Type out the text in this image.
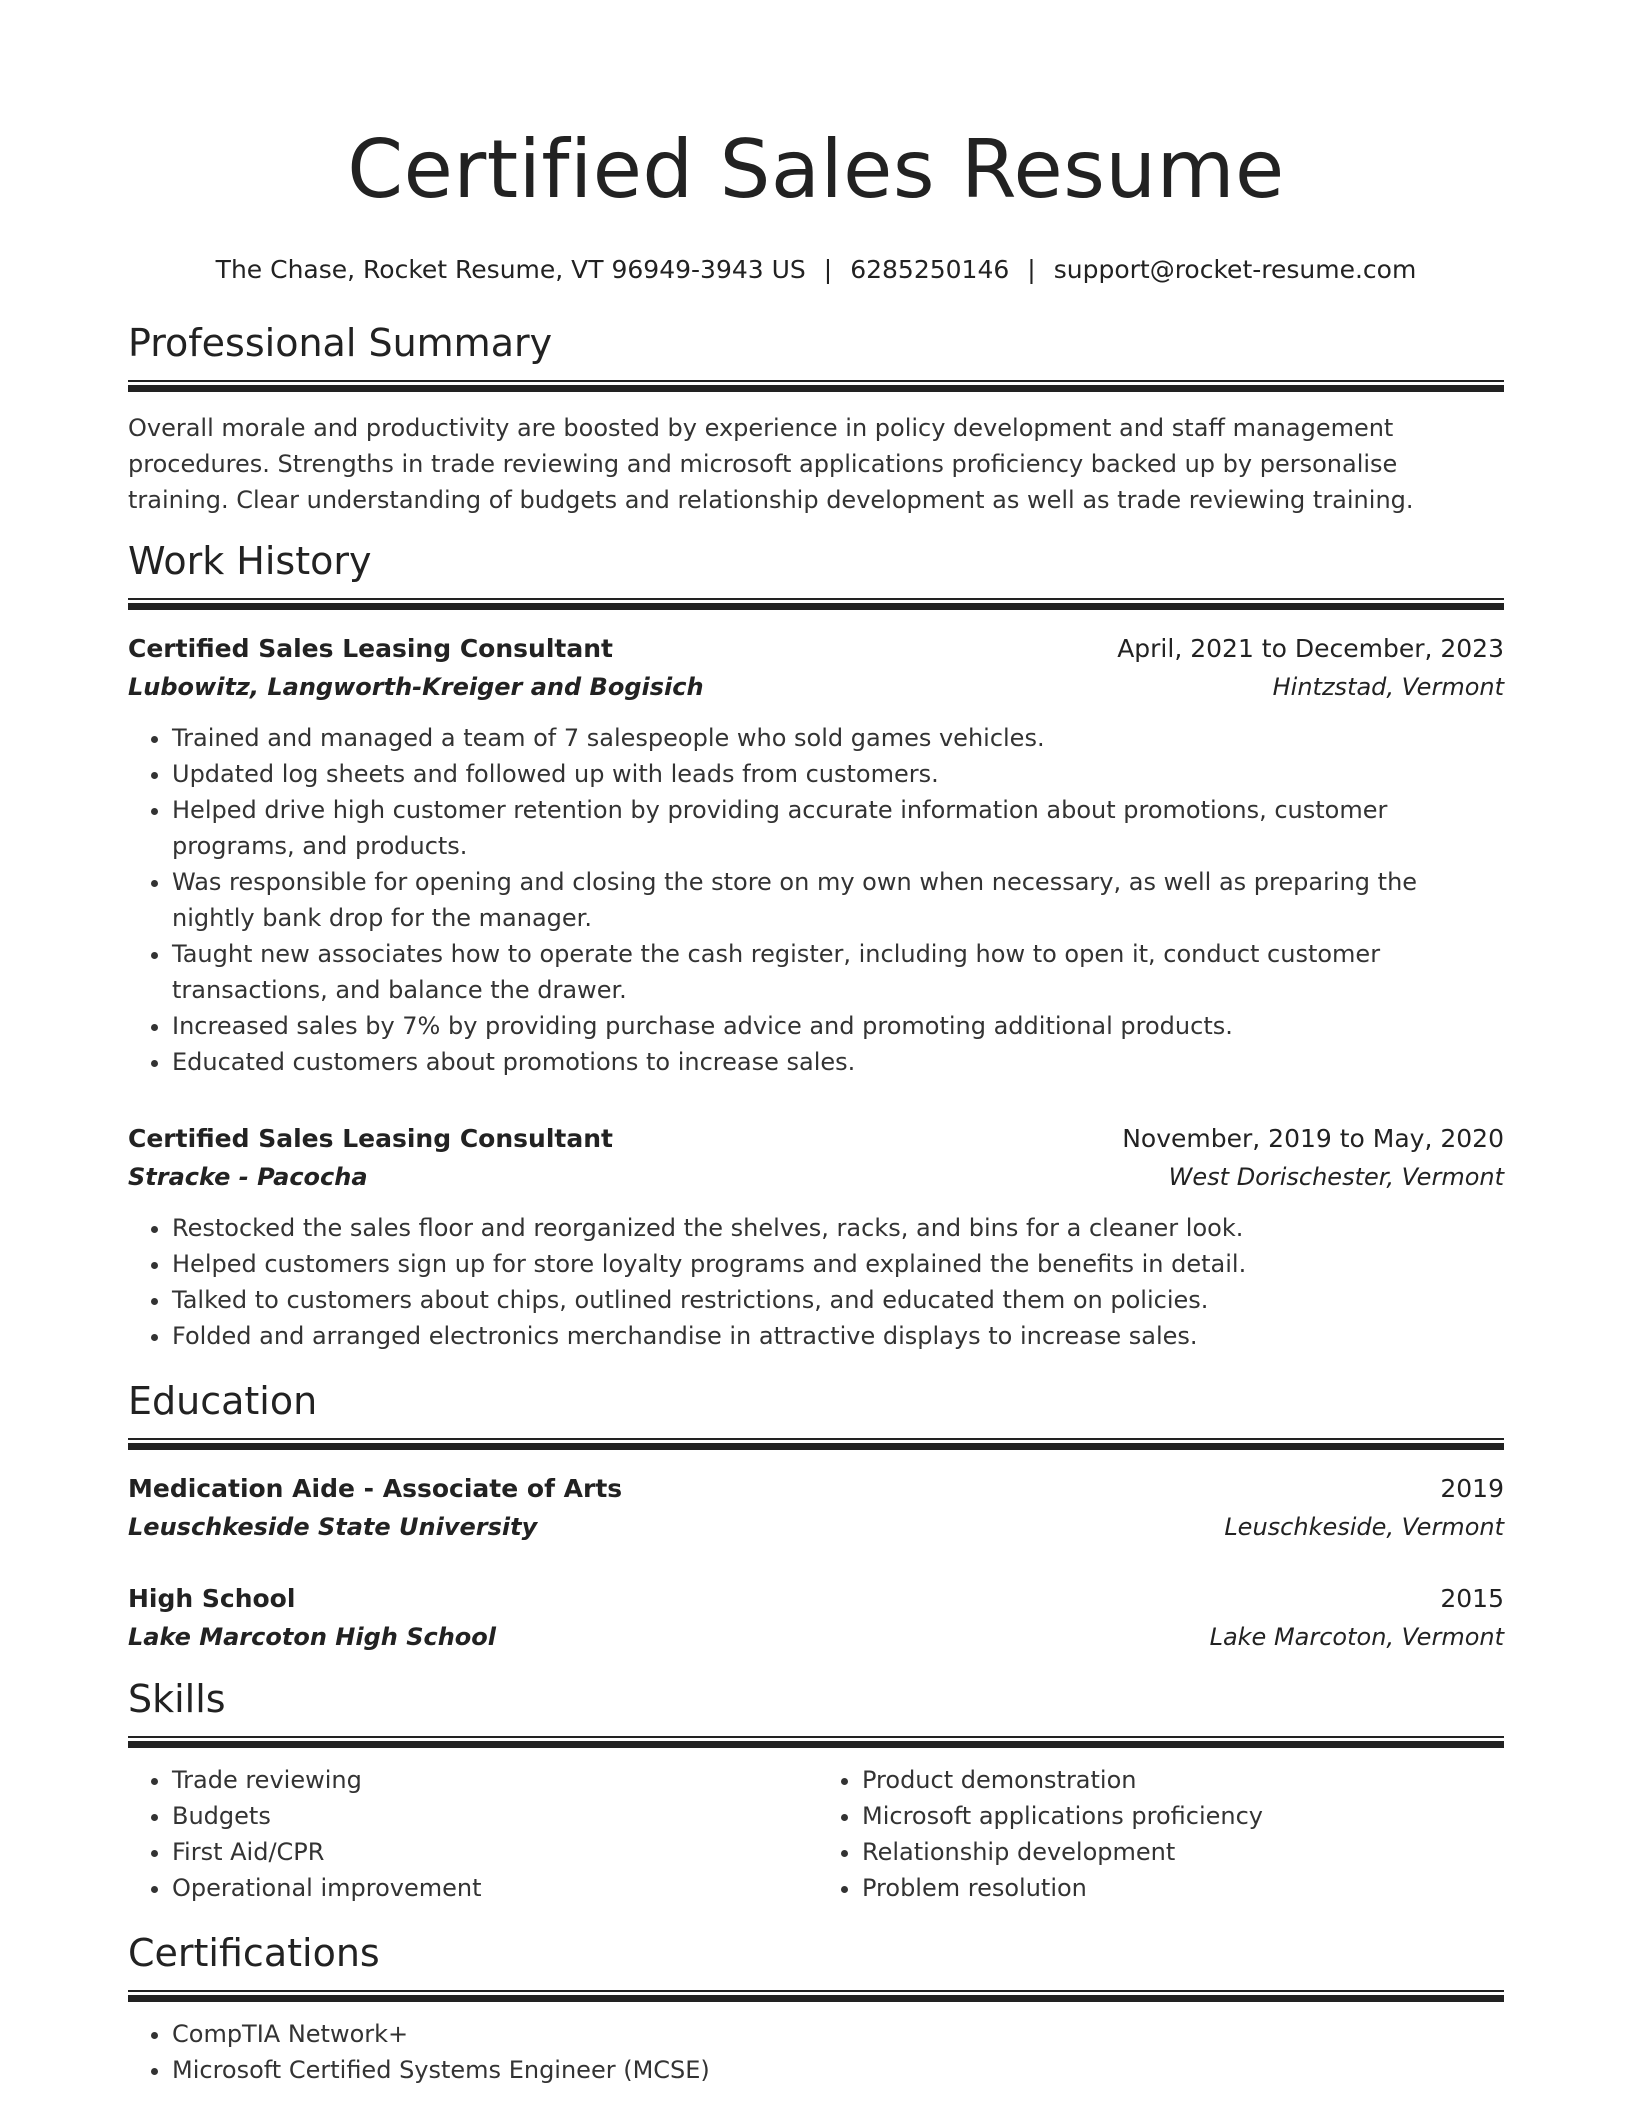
Certified Sales Resume
The Chase, Rocket Resume, VT 96949-3943 US | 6285250146 | support@rocket-resume.com
Professional Summary
Overall morale and productivity are boosted by experience in policy development and staff management procedures. Strengths in trade reviewing and microsoft applications proficiency backed up by personalise training. Clear understanding of budgets and relationship development as well as trade reviewing training.
Work History
Certified Sales Leasing Consultant	April, 2021 to December, 2023
Lubowitz, Langworth-Kreiger and Bogisich	Hintzstad, Vermont
• Trained and managed a team of 7 salespeople who sold games vehicles.
• Updated log sheets and followed up with leads from customers.
• Helped drive high customer retention by providing accurate information about promotions, customer programs, and products.
• Was responsible for opening and closing the store on my own when necessary, as well as preparing the nightly bank drop for the manager.
• Taught new associates how to operate the cash register, including how to open it, conduct customer transactions, and balance the drawer.
• Increased sales by 7% by providing purchase advice and promoting additional products.
• Educated customers about promotions to increase sales.
Certified Sales Leasing Consultant	November, 2019 to May, 2020
Stracke - Pacocha	West Dorischester, Vermont
• Restocked the sales floor and reorganized the shelves, racks, and bins for a cleaner look.
• Helped customers sign up for store loyalty programs and explained the benefits in detail.
• Talked to customers about chips, outlined restrictions, and educated them on policies.
• Folded and arranged electronics merchandise in attractive displays to increase sales.
Education
Medication Aide - Associate of Arts	2019
Leuschkeside State University	Leuschkeside, Vermont
High School	2015
Lake Marcoton High School	Lake Marcoton, Vermont
Skills
• Trade reviewing
• Budgets
• First Aid/CPR
• Operational improvement
• Product demonstration
• Microsoft applications proficiency
• Relationship development
• Problem resolution
Certifications
• CompTIA Network+
• Microsoft Certified Systems Engineer (MCSE)
